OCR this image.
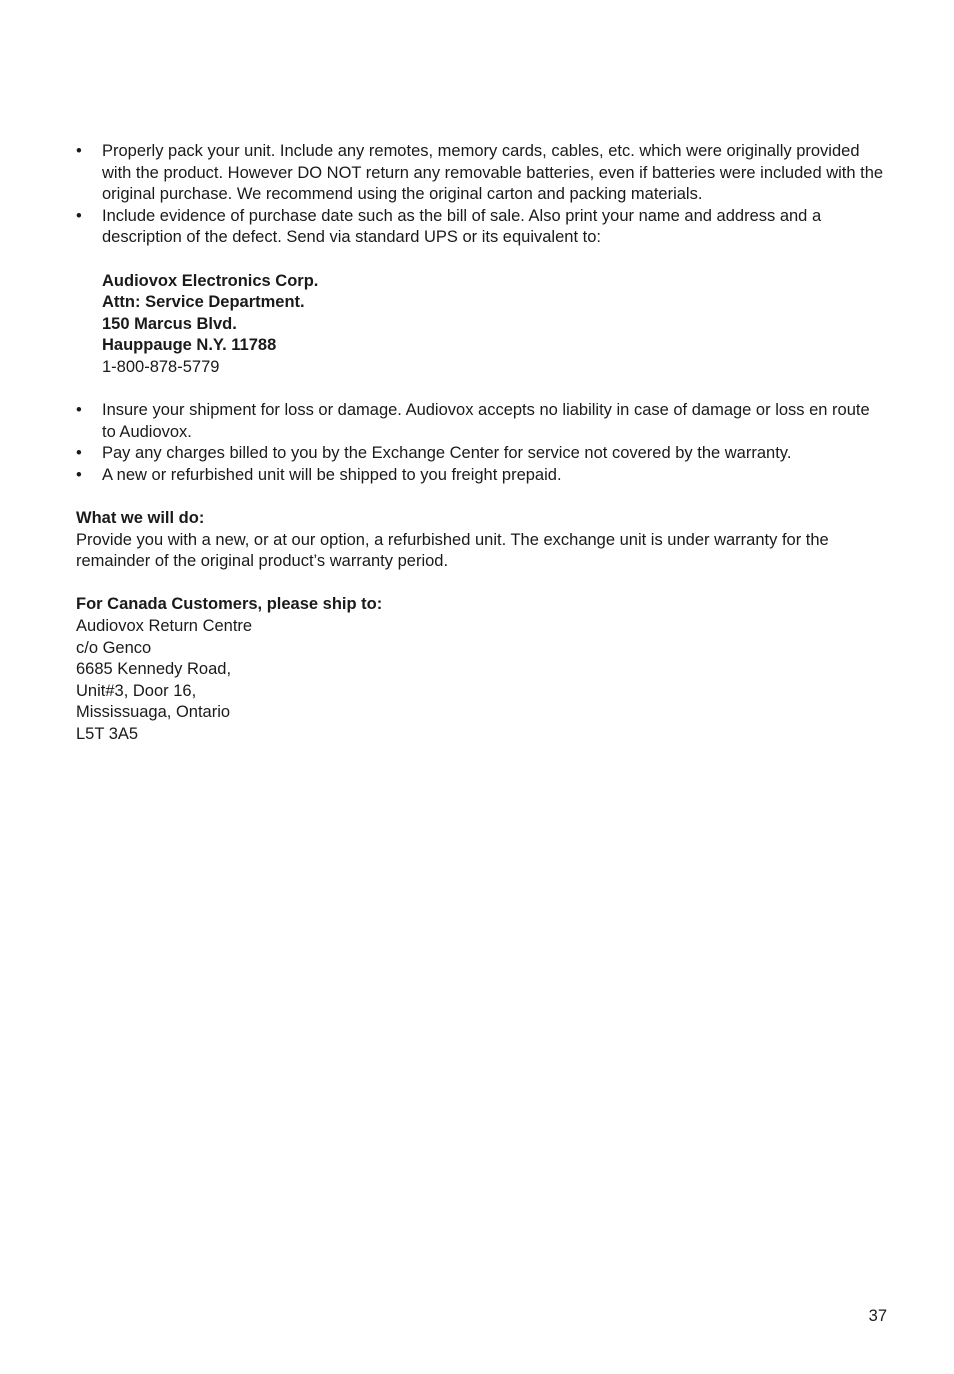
• Properly pack your unit. Include any remotes, memory cards, cables, etc. which were originally provided with the product. However DO NOT return any removable batteries, even if batteries were included with the original purchase. We recommend using the original carton and packing materials.
• Include evidence of purchase date such as the bill of sale. Also print your name and address and a description of the defect. Send via standard UPS or its equivalent to:
Audiovox Electronics Corp.
Attn: Service Department.
150 Marcus Blvd.
Hauppauge N.Y. 11788
1-800-878-5779
• Insure your shipment for loss or damage. Audiovox accepts no liability in case of damage or loss en route to Audiovox.
• Pay any charges billed to you by the Exchange Center for service not covered by the warranty.
• A new or refurbished unit will be shipped to you freight prepaid.
What we will do:
Provide you with a new, or at our option, a refurbished unit. The exchange unit is under warranty for the remainder of the original product’s warranty period.
For Canada Customers, please ship to:
Audiovox Return Centre
c/o Genco
6685 Kennedy Road,
Unit#3, Door 16,
Mississuaga, Ontario
L5T 3A5
37
